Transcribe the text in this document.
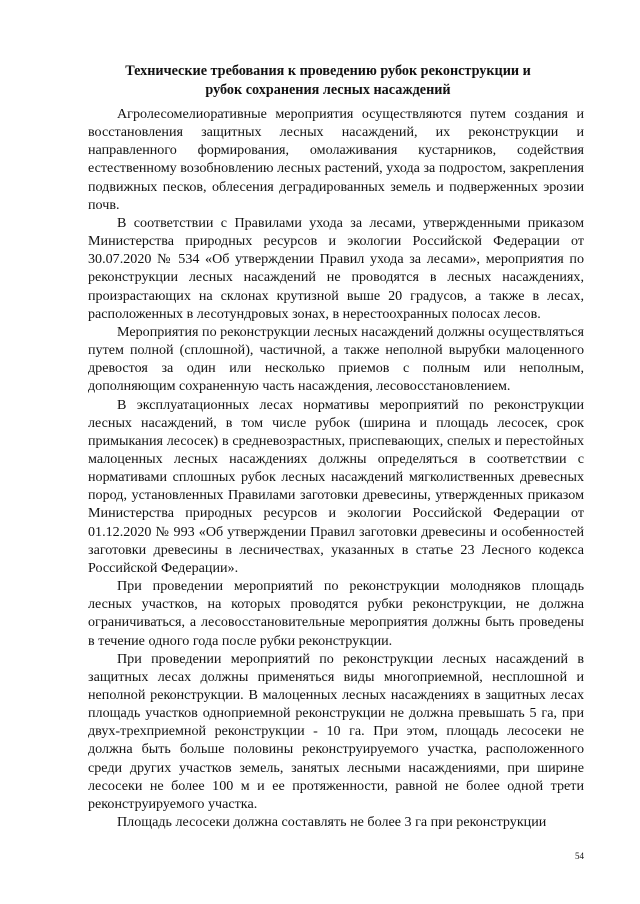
Технические требования к проведению рубок реконструкции и
рубок сохранения лесных насаждений

Агролесомелиоративные мероприятия осуществляются путем создания и восстановления защитных лесных насаждений, их реконструкции и направленного формирования, омолаживания кустарников, содействия естественному возобновлению лесных растений, ухода за подростом, закрепления подвижных песков, облесения деградированных земель и подверженных эрозии почв.

В соответствии с Правилами ухода за лесами, утвержденными приказом Министерства природных ресурсов и экологии Российской Федерации от 30.07.2020 № 534 «Об утверждении Правил ухода за лесами», мероприятия по реконструкции лесных насаждений не проводятся в лесных насаждениях, произрастающих на склонах крутизной выше 20 градусов, а также в лесах, расположенных в лесотундровых зонах, в нерестоохранных полосах лесов.

Мероприятия по реконструкции лесных насаждений должны осуществляться путем полной (сплошной), частичной, а также неполной вырубки малоценного древостоя за один или несколько приемов с полным или неполным, дополняющим сохраненную часть насаждения, лесовосстановлением.

В эксплуатационных лесах нормативы мероприятий по реконструкции лесных насаждений, в том числе рубок (ширина и площадь лесосек, срок примыкания лесосек) в средневозрастных, приспевающих, спелых и перестойных малоценных лесных насаждениях должны определяться в соответствии с нормативами сплошных рубок лесных насаждений мягколиственных древесных пород, установленных Правилами заготовки древесины, утвержденных приказом Министерства природных ресурсов и экологии Российской Федерации от 01.12.2020 № 993 «Об утверждении Правил заготовки древесины и особенностей заготовки древесины в лесничествах, указанных в статье 23 Лесного кодекса Российской Федерации».

При проведении мероприятий по реконструкции молодняков площадь лесных участков, на которых проводятся рубки реконструкции, не должна ограничиваться, а лесовосстановительные мероприятия должны быть проведены в течение одного года после рубки реконструкции.

При проведении мероприятий по реконструкции лесных насаждений в защитных лесах должны применяться виды многоприемной, несплошной и неполной реконструкции. В малоценных лесных насаждениях в защитных лесах площадь участков одноприемной реконструкции не должна превышать 5 га, при двух-трехприемной реконструкции - 10 га. При этом, площадь лесосеки не должна быть больше половины реконструируемого участка, расположенного среди других участков земель, занятых лесными насаждениями, при ширине лесосеки не более 100 м и ее протяженности, равной не более одной трети реконструируемого участка.

Площадь лесосеки должна составлять не более 3 га при реконструкции

54
